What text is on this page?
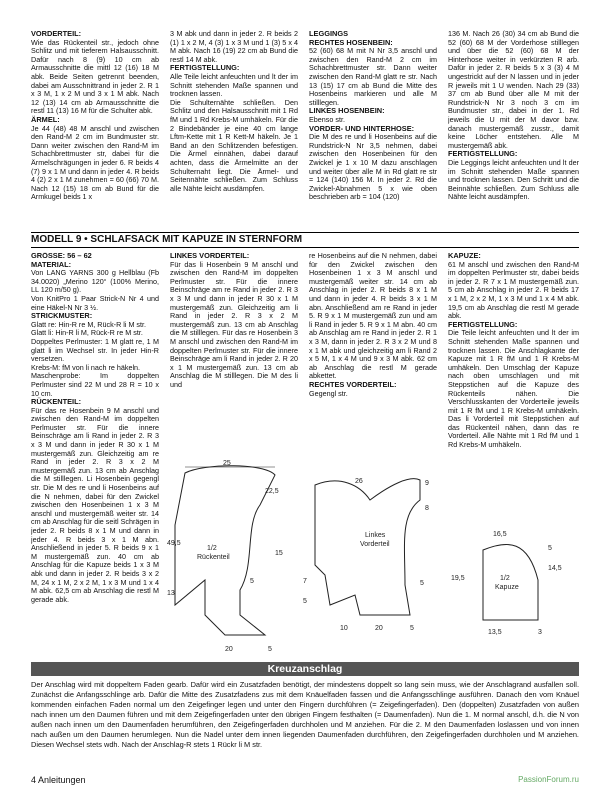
VORDERTEIL:

Wie das Rückenteil str., jedoch ohne Schlitz und mit tieferem Halsausschnitt. Dafür nach 8 (9) 10 cm ab Armausschnitte die mittl 12 (16) 18 M abk. Beide Seiten getrennt beenden, dabei am Ausschnittrand in jeder 2. R 1 x 3 M, 1 x 2 M und 3 x 1 M abk. Nach 12 (13) 14 cm ab Armausschnitte die restl 11 (13) 16 M für die Schulter abk.

ÄRMEL:

Je 44 (48) 48 M anschl und zwischen den Rand-M 2 cm im Bundmuster str. Dann weiter zwischen den Rand-M im Schachbrettmuster str, dabei für die Ärmelschrägungen in jeder 6. R beids 4 (7) 9 x 1 M und dann in jeder 4. R beids 4 (2) 2 x 1 M zunehmen = 60 (66) 70 M. Nach 12 (15) 18 cm ab Bund für die Armkugel beids 1 x

3 M abk und dann in jeder 2. R beids 2 (1) 1 x 2 M, 4 (3) 1 x 3 M und 1 (3) 5 x 4 M abk. Nach 16 (19) 22 cm ab Bund die restl 14 M abk.

FERTIGSTELLUNG:

Alle Teile leicht anfeuchten und lt der im Schnitt stehenden Maße spannen und trocknen lassen.

Die Schulternähte schließen. Den Schlitz und den Halsausschnitt mit 1 Rd fM und 1 Rd Krebs-M umhäkeln. Für die 2 Bindebänder je eine 40 cm lange Lftm-Kette mit 1 R Kett-M häkeln. Je 1 Band an den Schlitzenden befestigen. Die Ärmel einnähen, dabei darauf achten, dass die Ärmelmitte an der Schulternaht liegt. Die Ärmel- und Seitennähte schließen. Zum Schluss alle Nähte leicht ausdämpfen.

LEGGINGS
RECHTES HOSENBEIN:

52 (60) 68 M mit N Nr 3,5 anschl und zwischen den Rand-M 2 cm im Schachbrettmuster str. Dann weiter zwischen den Rand-M glatt re str. Nach 13 (15) 17 cm ab Bund die Mitte des Hosenbeins markieren und alle M stilllegen.

LINKES HOSENBEIN:

Ebenso str.

VORDER- UND HINTERHOSE:

Die M des re und li Hosenbeins auf die Rundstrick-N Nr 3,5 nehmen, dabei zwischen den Hosenbeinen für den Zwickel je 1 x 10 M dazu anschlagen und weiter über alle M in Rd glatt re str = 124 (140) 156 M. In jeder 2. Rd die Zwickel-Abnahmen 5 x wie oben beschrieben arb = 104 (120)

136 M. Nach 26 (30) 34 cm ab Bund die 52 (60) 68 M der Vorderhose stilllegen und über die 52 (60) 68 M der Hinterhose weiter in verkürzten R arb. Dafür in jeder 2. R beids 5 x 3 (3) 4 M ungestrickt auf der N lassen und in jeder R jeweils mit 1 U wenden. Nach 29 (33) 37 cm ab Bund über alle M mit der Rundstrick-N Nr 3 noch 3 cm im Bundmuster str., dabei in der 1. Rd jeweils die U mit der M davor bzw. danach mustergemäß zusstr., damit keine Löcher entstehen. Alle M mustergemäß abk.

FERTIGSTELLUNG:

Die Leggings leicht anfeuchten und lt der im Schnitt stehenden Maße spannen und trocknen lassen. Den Schritt und die Beinnähte schließen. Zum Schluss alle Nähte leicht ausdämpfen.

MODELL 9 • SCHLAFSACK MIT KAPUZE IN STERNFORM
GRÖSSE: 56 – 62
MATERIAL:

Von LANG YARNS 300 g Hellblau (Fb 34.0020) „Merino 120“ (100% Merino, LL 120 m/50 g).

Von KnitPro 1 Paar Strick-N Nr 4 und eine Häkel-N Nr 3 ½.

STRICKMUSTER:

Glatt re: Hin-R re M, Rück-R li M str.

Glatt li: Hin-R li M, Rück-R re M str.

Doppeltes Perlmuster: 1 M glatt re, 1 M glatt li im Wechsel str. In jeder Hin-R versetzen.

Krebs-M: fM von li nach re häkeln.

Maschenprobe: Im doppelten Perlmuster sind 22 M und 28 R = 10 x 10 cm.

RÜCKENTEIL:

Für das re Hosenbein 9 M anschl und zwischen den Rand-M im doppelten Perlmuster str. Für die innere Beinschräge am li Rand in jeder 2. R 3 x 3 M und dann in jeder R 30 x 1 M mustergemäß zun. Gleichzeitig am re Rand in jeder 2. R 3 x 2 M mustergemäß zun. 13 cm ab Anschlag die M stilllegen. Li Hosenbein gegengl str. Die M des re und li Hosenbeins auf die N nehmen, dabei für den Zwickel zwischen den Hosenbeinen 1 x 3 M anschl und mustergemäß weiter str. 14 cm ab Anschlag für die seitl Schrägen in jeder 2. R beids 8 x 1 M und dann in jeder 4. R beids 3 x 1 M abn. Anschließend in jeder 5. R beids 9 x 1 M mustergemäß zun. 40 cm ab Anschlag für die Kapuze beids 1 x 3 M abk und dann in jeder 2. R beids 3 x 2 M, 24 x 1 M, 2 x 2 M, 1 x 3 M und 1 x 4 M abk. 62,5 cm ab Anschlag die restl M gerade abk.

LINKES VORDERTEIL:

Für das li Hosenbein 9 M anschl und zwischen den Rand-M im doppelten Perlmuster str. Für die innere Beinschräge am re Rand in jeder 2. R 3 x 3 M und dann in jeder R 30 x 1 M mustergemäß zun. Gleichzeitig am li Rand in jeder 2. R 3 x 2 M mustergemäß zun. 13 cm ab Anschlag die M stilllegen. Für das re Hosenbein 3 M anschl und zwischen den Rand-M im doppelten Perlmuster str. Für die innere Beinschräge am li Rand in jeder 2. R 20 x 1 M mustergemäß zun. 13 cm ab Anschlag die M stilllegen. Die M des li und

re Hosenbeins auf die N nehmen, dabei für den Zwickel zwischen den Hosenbeinen 1 x 3 M anschl und mustergemäß weiter str. 14 cm ab Anschlag in jeder 2. R beids 8 x 1 M und dann in jeder 4. R beids 3 x 1 M abn. Anschließend am re Rand in jeder 5. R 9 x 1 M mustergemäß zun und am li Rand in jeder 5. R 9 x 1 M abn. 40 cm ab Anschlag am re Rand in jeder 2. R 1 x 3 M, dann in jeder 2. R 3 x 2 M und 8 x 1 M abk und gleichzeitig am li Rand 2 x 5 M, 1 x 4 M und 9 x 3 M abk. 62 cm ab Anschlag die restl M gerade abkettet.

RECHTES VORDERTEIL:

Gegengl str.

KAPUZE:

61 M anschl und zwischen den Rand-M im doppelten Perlmuster str, dabei beids in jeder 2. R 7 x 1 M mustergemäß zun. 5 cm ab Anschlag in jeder 2. R beids 17 x 1 M, 2 x 2 M, 1 x 3 M und 1 x 4 M abk. 19,5 cm ab Anschlag die restl M gerade abk.

FERTIGSTELLUNG:

Die Teile leicht anfeuchten und lt der im Schnitt stehenden Maße spannen und trocknen lassen. Die Anschlagkante der Kapuze mit 1 R fM und 1 R Krebs-M umhäkeln. Den Umschlag der Kapuze nach oben umschlagen und mit Steppstichen auf die Kapuze des Rückenteils nähen. Die Verschlusskanten der Vorderteile jeweils mit 1 R fM und 1 R Krebs-M umhäkeln. Das li Vorderteil mit Steppstichen auf das Rückenteil nähen, dann das re Vorderteil. Alle Nähte mit 1 Rd fM und 1 Rd Krebs-M umhäkeln.

25
22,5
49,5
15
5
13
20	5
1/2 Rückenteil
26	9
8
7
5
5
10	20	5
Linkes Vorderteil
16,5
5
19,5
14,5
13,5	3
1/2 Kapuze
Kreuzanschlag
Der Anschlag wird mit doppeltem Faden gearb. Dafür wird ein Zusatzfaden benötigt, der mindestens doppelt so lang sein muss, wie der Anschlagrand ausfallen soll. Zunächst die Anfangsschlinge arb. Dafür die Mitte des Zusatzfadens zus mit dem Knäuelfaden fassen und die Anfangsschlinge ausführen. Danach den vom Knäuel kommenden einfachen Faden normal um den Zeigefinger legen und unter den Fingern durchführen (= Zeigefingerfaden). Den (doppelten) Zusatzfaden von außen nach innen um den Daumen führen und mit dem Zeigefingerfaden unter den übrigen Fingern festhalten (= Daumenfaden). Nun die 1. M normal anschl, d.h. die N von außen nach innen um den Daumenfaden herumführen, den Zeigefingerfaden durchholen und M anziehen. Für die 2. M den Daumenfaden loslassen und von innen nach außen um den Daumen herumlegen. Nun die Nadel unter dem innen liegenden Daumenfaden durchführen, den Zeigefingerfaden durchholen und M anziehen. Diesen Wechsel stets wdh. Nach der Anschlag-R stets 1 Rückr li M str.
4 Anleitungen	PassionForum.ru
